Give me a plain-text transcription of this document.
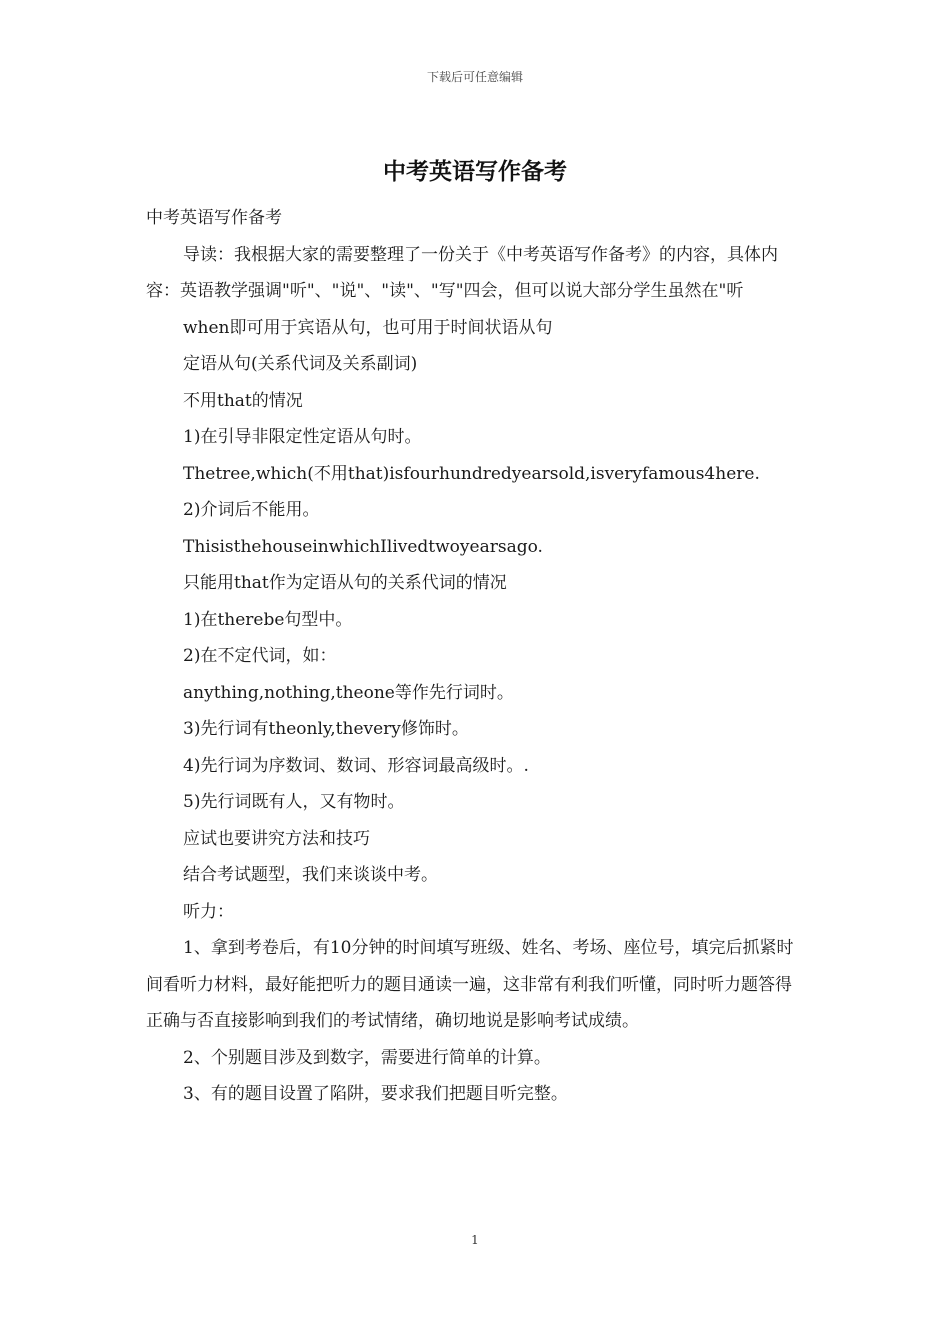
下载后可任意编辑
中考英语写作备考

中考英语写作备考

导读：我根据大家的需要整理了一份关于《中考英语写作备考》的内容，具体内容：英语教学强调"听"、"说"、"读"、"写"四会，但可以说大部分学生虽然在"听

when即可用于宾语从句，也可用于时间状语从句

定语从句(关系代词及关系副词)

不用that的情况

1)在引导非限定性定语从句时。

Thetree,which(不用that)isfourhundredyearsold,isveryfamous4here.

2)介词后不能用。

ThisisthehouseinwhichIlivedtwoyearsago.

只能用that作为定语从句的关系代词的情况

1)在therebe句型中。

2)在不定代词，如：

anything,nothing,theone等作先行词时。

3)先行词有theonly,thevery修饰时。

4)先行词为序数词、数词、形容词最高级时。.

5)先行词既有人，又有物时。

应试也要讲究方法和技巧

结合考试题型，我们来谈谈中考。

听力：

1、拿到考卷后，有10分钟的时间填写班级、姓名、考场、座位号，填完后抓紧时间看听力材料，最好能把听力的题目通读一遍，这非常有利我们听懂，同时听力题答得正确与否直接影响到我们的考试情绪，确切地说是影响考试成绩。

2、个别题目涉及到数字，需要进行简单的计算。

3、有的题目设置了陷阱，要求我们把题目听完整。

1
